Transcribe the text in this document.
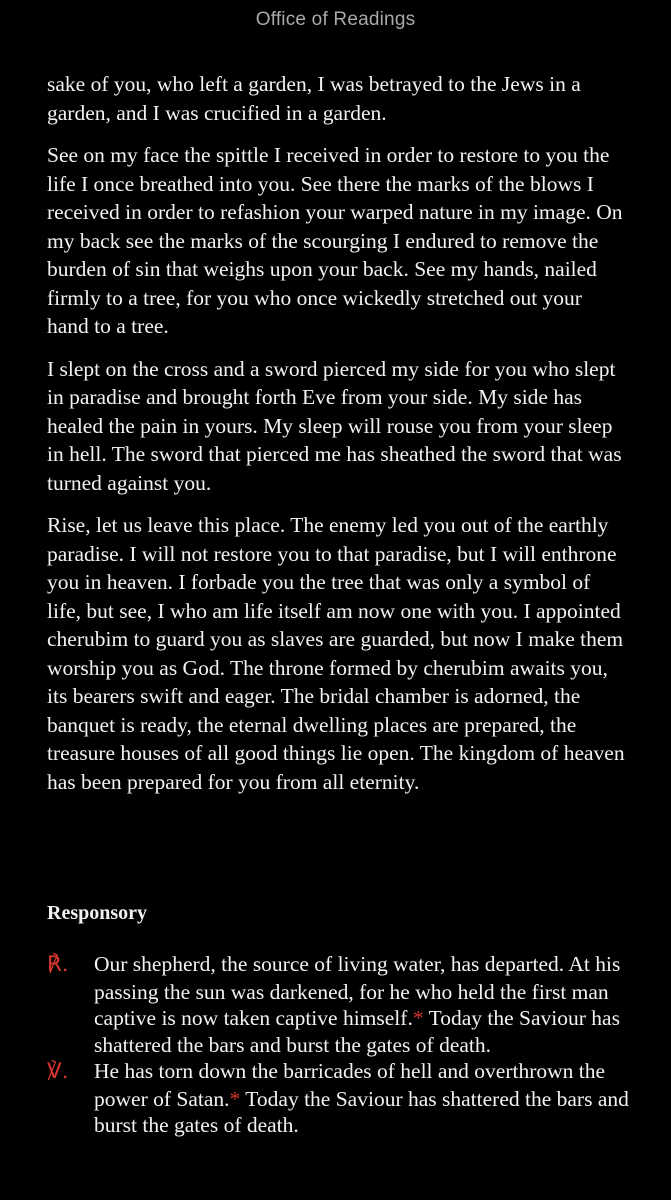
Office of Readings

sake of you, who left a garden, I was betrayed to the Jews in a garden, and I was crucified in a garden.

See on my face the spittle I received in order to restore to you the life I once breathed into you. See there the marks of the blows I received in order to refashion your warped nature in my image. On my back see the marks of the scourging I endured to remove the burden of sin that weighs upon your back. See my hands, nailed firmly to a tree, for you who once wickedly stretched out your hand to a tree.

I slept on the cross and a sword pierced my side for you who slept in paradise and brought forth Eve from your side. My side has healed the pain in yours. My sleep will rouse you from your sleep in hell. The sword that pierced me has sheathed the sword that was turned against you.

Rise, let us leave this place. The enemy led you out of the earthly paradise. I will not restore you to that paradise, but I will enthrone you in heaven. I forbade you the tree that was only a symbol of life, but see, I who am life itself am now one with you. I appointed cherubim to guard you as slaves are guarded, but now I make them worship you as God. The throne formed by cherubim awaits you, its bearers swift and eager. The bridal chamber is adorned, the banquet is ready, the eternal dwelling places are prepared, the treasure houses of all good things lie open. The kingdom of heaven has been prepared for you from all eternity.

Responsory

℟. Our shepherd, the source of living water, has departed. At his passing the sun was darkened, for he who held the first man captive is now taken captive himself.* Today the Saviour has shattered the bars and burst the gates of death.

℣. He has torn down the barricades of hell and overthrown the power of Satan.* Today the Saviour has shattered the bars and burst the gates of death.
